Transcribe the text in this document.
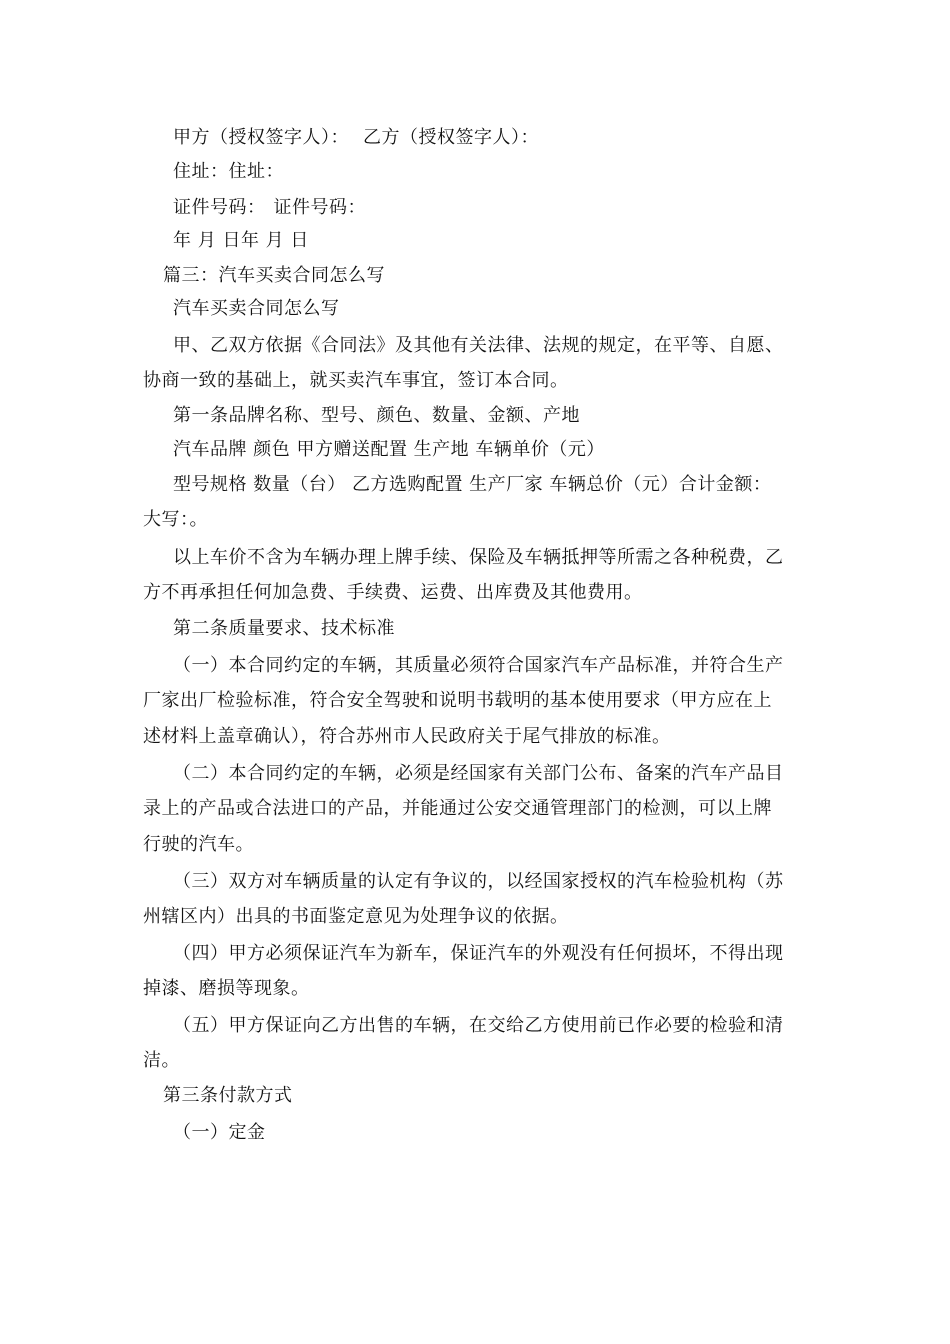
甲方（授权签字人）： 乙方（授权签字人）：
住址：住址：
证件号码： 证件号码：
年 月 日年 月 日
篇三：汽车买卖合同怎么写
汽车买卖合同怎么写
甲、乙双方依据《合同法》及其他有关法律、法规的规定，在平等、自愿、
协商一致的基础上，就买卖汽车事宜，签订本合同。
第一条品牌名称、型号、颜色、数量、金额、产地
汽车品牌 颜色 甲方赠送配置 生产地 车辆单价（元）
型号规格 数量（台） 乙方选购配置 生产厂家 车辆总价（元）合计金额：
大写：。
以上车价不含为车辆办理上牌手续、保险及车辆抵押等所需之各种税费，乙
方不再承担任何加急费、手续费、运费、出库费及其他费用。
第二条质量要求、技术标准
（一）本合同约定的车辆，其质量必须符合国家汽车产品标准，并符合生产
厂家出厂检验标准，符合安全驾驶和说明书载明的基本使用要求（甲方应在上
述材料上盖章确认），符合苏州市人民政府关于尾气排放的标准。
（二）本合同约定的车辆，必须是经国家有关部门公布、备案的汽车产品目
录上的产品或合法进口的产品，并能通过公安交通管理部门的检测，可以上牌
行驶的汽车。
（三）双方对车辆质量的认定有争议的，以经国家授权的汽车检验机构（苏
州辖区内）出具的书面鉴定意见为处理争议的依据。
（四）甲方必须保证汽车为新车，保证汽车的外观没有任何损坏，不得出现
掉漆、磨损等现象。
（五）甲方保证向乙方出售的车辆，在交给乙方使用前已作必要的检验和清
洁。
第三条付款方式
（一）定金
